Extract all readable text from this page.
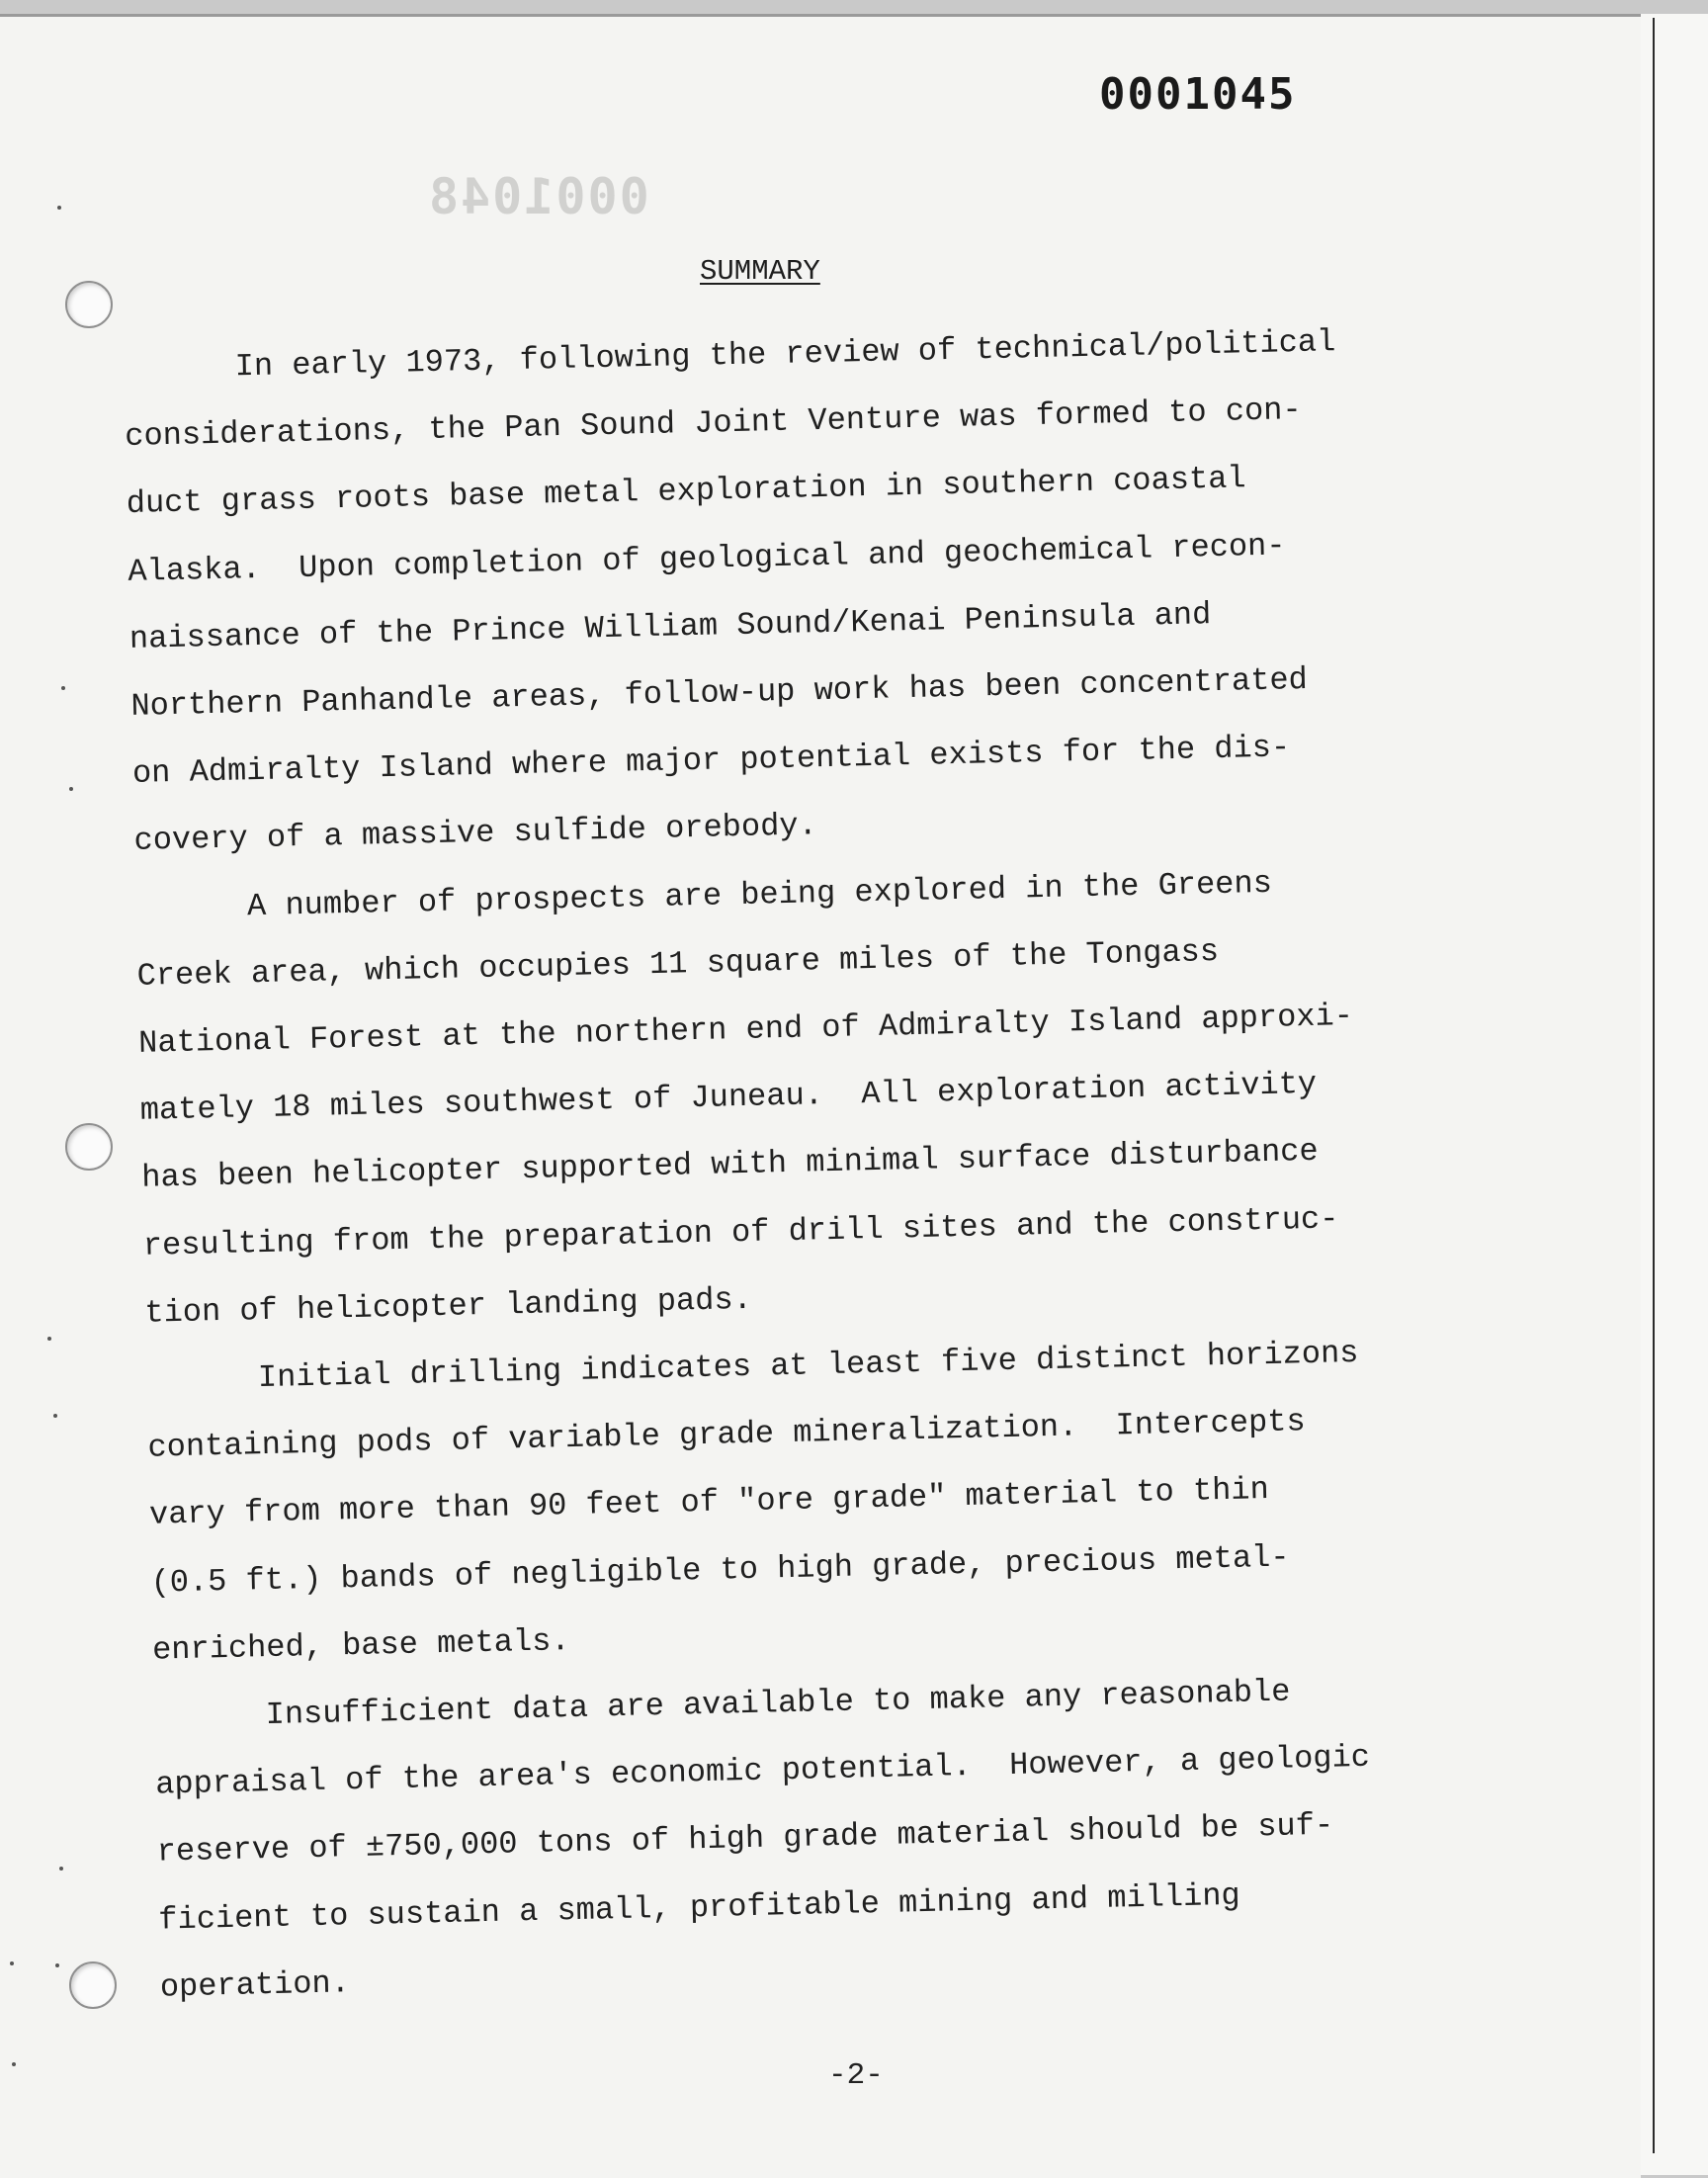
0001045
0001048
SUMMARY

In early 1973, following the review of technical/political
considerations, the Pan Sound Joint Venture was formed to con-
duct grass roots base metal exploration in southern coastal
Alaska.  Upon completion of geological and geochemical recon-
naissance of the Prince William Sound/Kenai Peninsula and
Northern Panhandle areas, follow-up work has been concentrated
on Admiralty Island where major potential exists for the dis-
covery of a massive sulfide orebody.

A number of prospects are being explored in the Greens
Creek area, which occupies 11 square miles of the Tongass
National Forest at the northern end of Admiralty Island approxi-
mately 18 miles southwest of Juneau.  All exploration activity
has been helicopter supported with minimal surface disturbance
resulting from the preparation of drill sites and the construc-
tion of helicopter landing pads.

Initial drilling indicates at least five distinct horizons
containing pods of variable grade mineralization.  Intercepts
vary from more than 90 feet of "ore grade" material to thin
(0.5 ft.) bands of negligible to high grade, precious metal-
enriched, base metals.

Insufficient data are available to make any reasonable
appraisal of the area's economic potential.  However, a geologic
reserve of ±750,000 tons of high grade material should be suf-
ficient to sustain a small, profitable mining and milling
operation.

-2-
